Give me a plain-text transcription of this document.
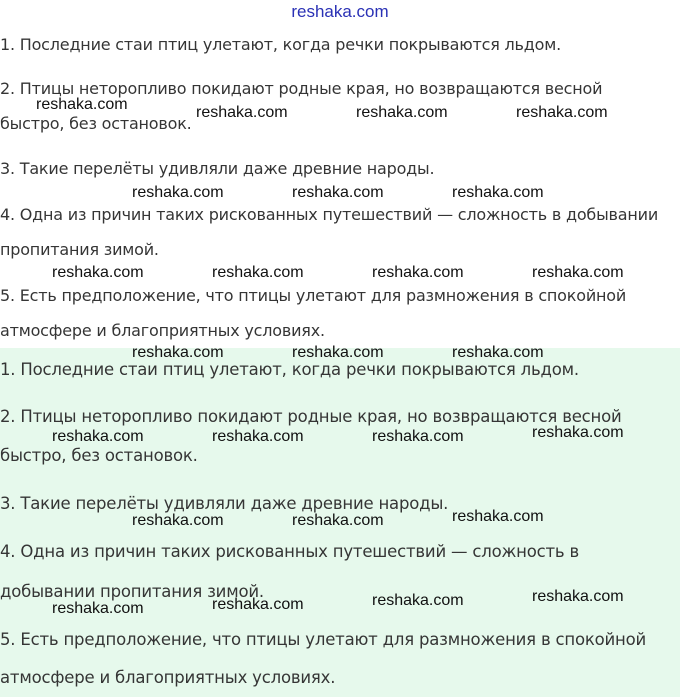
reshaka.com
1. Последние стаи птиц улетают, когда речки покрываются льдом.
2. Птицы неторопливо покидают родные края, но возвращаются весной
быстро, без остановок.
3. Такие перелёты удивляли даже древние народы.
4. Одна из причин таких рискованных путешествий — сложность в добывании
пропитания зимой.
5. Есть предположение, что птицы улетают для размножения в спокойной
атмосфере и благоприятных условиях.
1. Последние стаи птиц улетают, когда речки покрываются льдом.
2. Птицы неторопливо покидают родные края, но возвращаются весной
быстро, без остановок.
3. Такие перелёты удивляли даже древние народы.
4. Одна из причин таких рискованных путешествий — сложность в
добывании пропитания зимой.
5. Есть предположение, что птицы улетают для размножения в спокойной
атмосфере и благоприятных условиях.
reshaka.com	reshaka.com	reshaka.com	reshaka.com
reshaka.com	reshaka.com	reshaka.com
reshaka.com	reshaka.com	reshaka.com	reshaka.com
reshaka.com	reshaka.com	reshaka.com
reshaka.com	reshaka.com	reshaka.com	reshaka.com
reshaka.com	reshaka.com	reshaka.com
reshaka.com	reshaka.com	reshaka.com	reshaka.com
